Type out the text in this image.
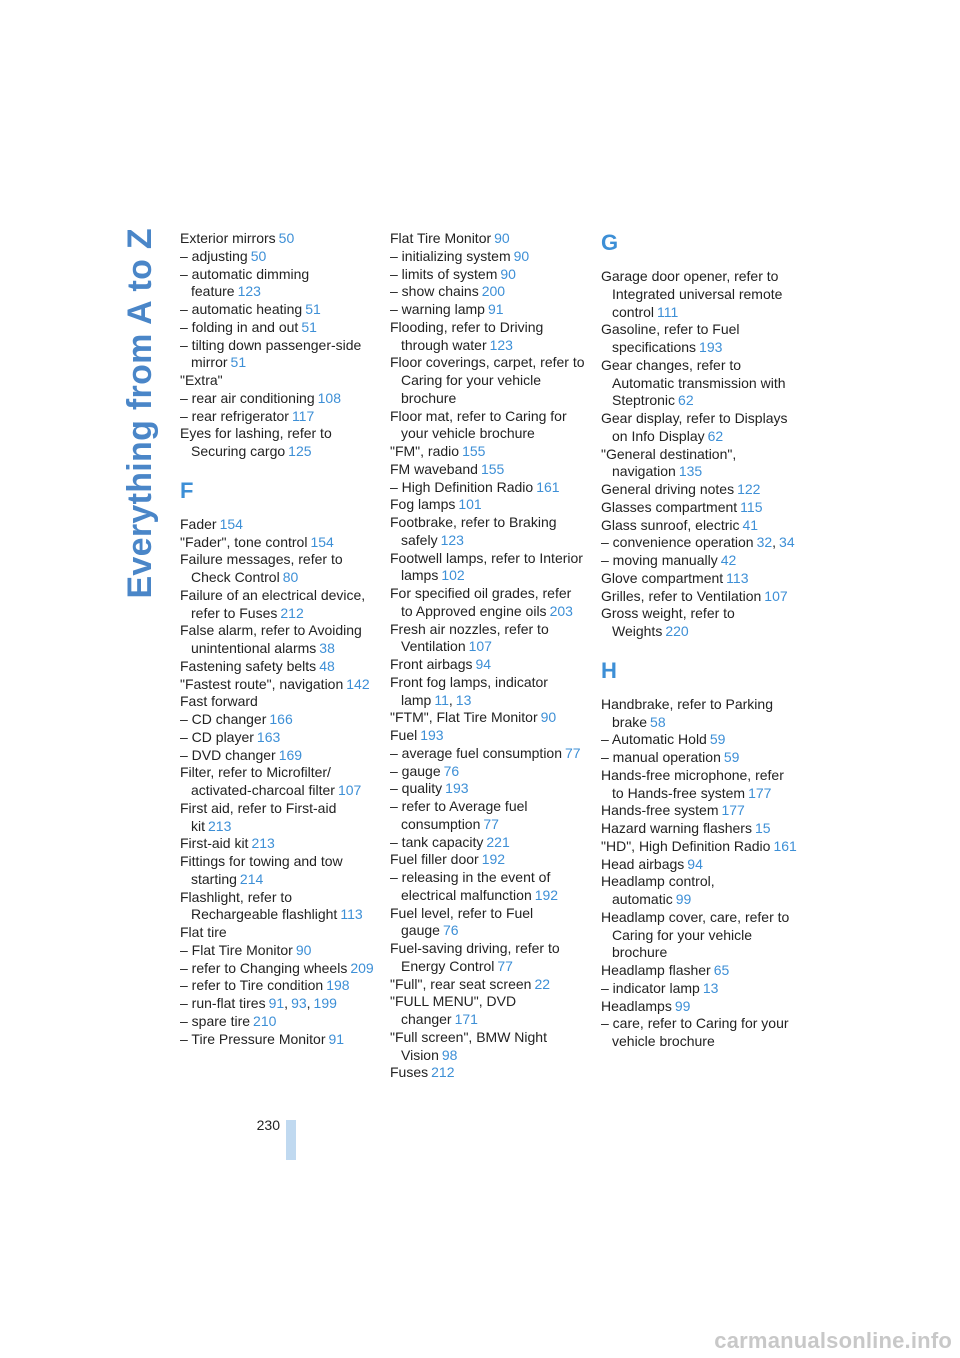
Everything from A to Z Exterior mirrors 50
– adjusting 50
– automatic dimming feature 123
– automatic heating 51
– folding in and out 51
– tilting down passenger-side mirror 51
"Extra"
– rear air conditioning 108
– rear refrigerator 117
Eyes for lashing, refer to Securing cargo 125
F
Fader 154
"Fader", tone control 154
Failure messages, refer to Check Control 80
Failure of an electrical device, refer to Fuses 212
False alarm, refer to Avoiding unintentional alarms 38
Fastening safety belts 48
"Fastest route", navigation 142
Fast forward
– CD changer 166
– CD player 163
– DVD changer 169
Filter, refer to Microfilter/ activated-charcoal filter 107
First aid, refer to First-aid kit 213
First-aid kit 213
Fittings for towing and tow starting 214
Flashlight, refer to Rechargeable flashlight 113
Flat tire
– Flat Tire Monitor 90
– refer to Changing wheels 209
– refer to Tire condition 198
– run-flat tires 91, 93, 199
– spare tire 210
– Tire Pressure Monitor 91
Flat Tire Monitor 90
– initializing system 90
– limits of system 90
– show chains 200
– warning lamp 91
Flooding, refer to Driving through water 123
Floor coverings, carpet, refer to Caring for your vehicle brochure
Floor mat, refer to Caring for your vehicle brochure
"FM", radio 155
FM waveband 155
– High Definition Radio 161
Fog lamps 101
Footbrake, refer to Braking safely 123
Footwell lamps, refer to Interior lamps 102
For specified oil grades, refer to Approved engine oils 203
Fresh air nozzles, refer to Ventilation 107
Front airbags 94
Front fog lamps, indicator lamp 11, 13
"FTM", Flat Tire Monitor 90
Fuel 193
– average fuel consumption 77
– gauge 76
– quality 193
– refer to Average fuel consumption 77
– tank capacity 221
Fuel filler door 192
– releasing in the event of electrical malfunction 192
Fuel level, refer to Fuel gauge 76
Fuel-saving driving, refer to Energy Control 77
"Full", rear seat screen 22
"FULL MENU", DVD changer 171
"Full screen", BMW Night Vision 98
Fuses 212
G
Garage door opener, refer to Integrated universal remote control 111
Gasoline, refer to Fuel specifications 193
Gear changes, refer to Automatic transmission with Steptronic 62
Gear display, refer to Displays on Info Display 62
"General destination", navigation 135
General driving notes 122
Glasses compartment 115
Glass sunroof, electric 41
– convenience operation 32, 34
– moving manually 42
Glove compartment 113
Grilles, refer to Ventilation 107
Gross weight, refer to Weights 220
H
Handbrake, refer to Parking brake 58
– Automatic Hold 59
– manual operation 59
Hands-free microphone, refer to Hands-free system 177
Hands-free system 177
Hazard warning flashers 15
"HD", High Definition Radio 161
Head airbags 94
Headlamp control, automatic 99
Headlamp cover, care, refer to Caring for your vehicle brochure
Headlamp flasher 65
– indicator lamp 13
Headlamps 99
– care, refer to Caring for your vehicle brochure
230
carmanualsonline.info
